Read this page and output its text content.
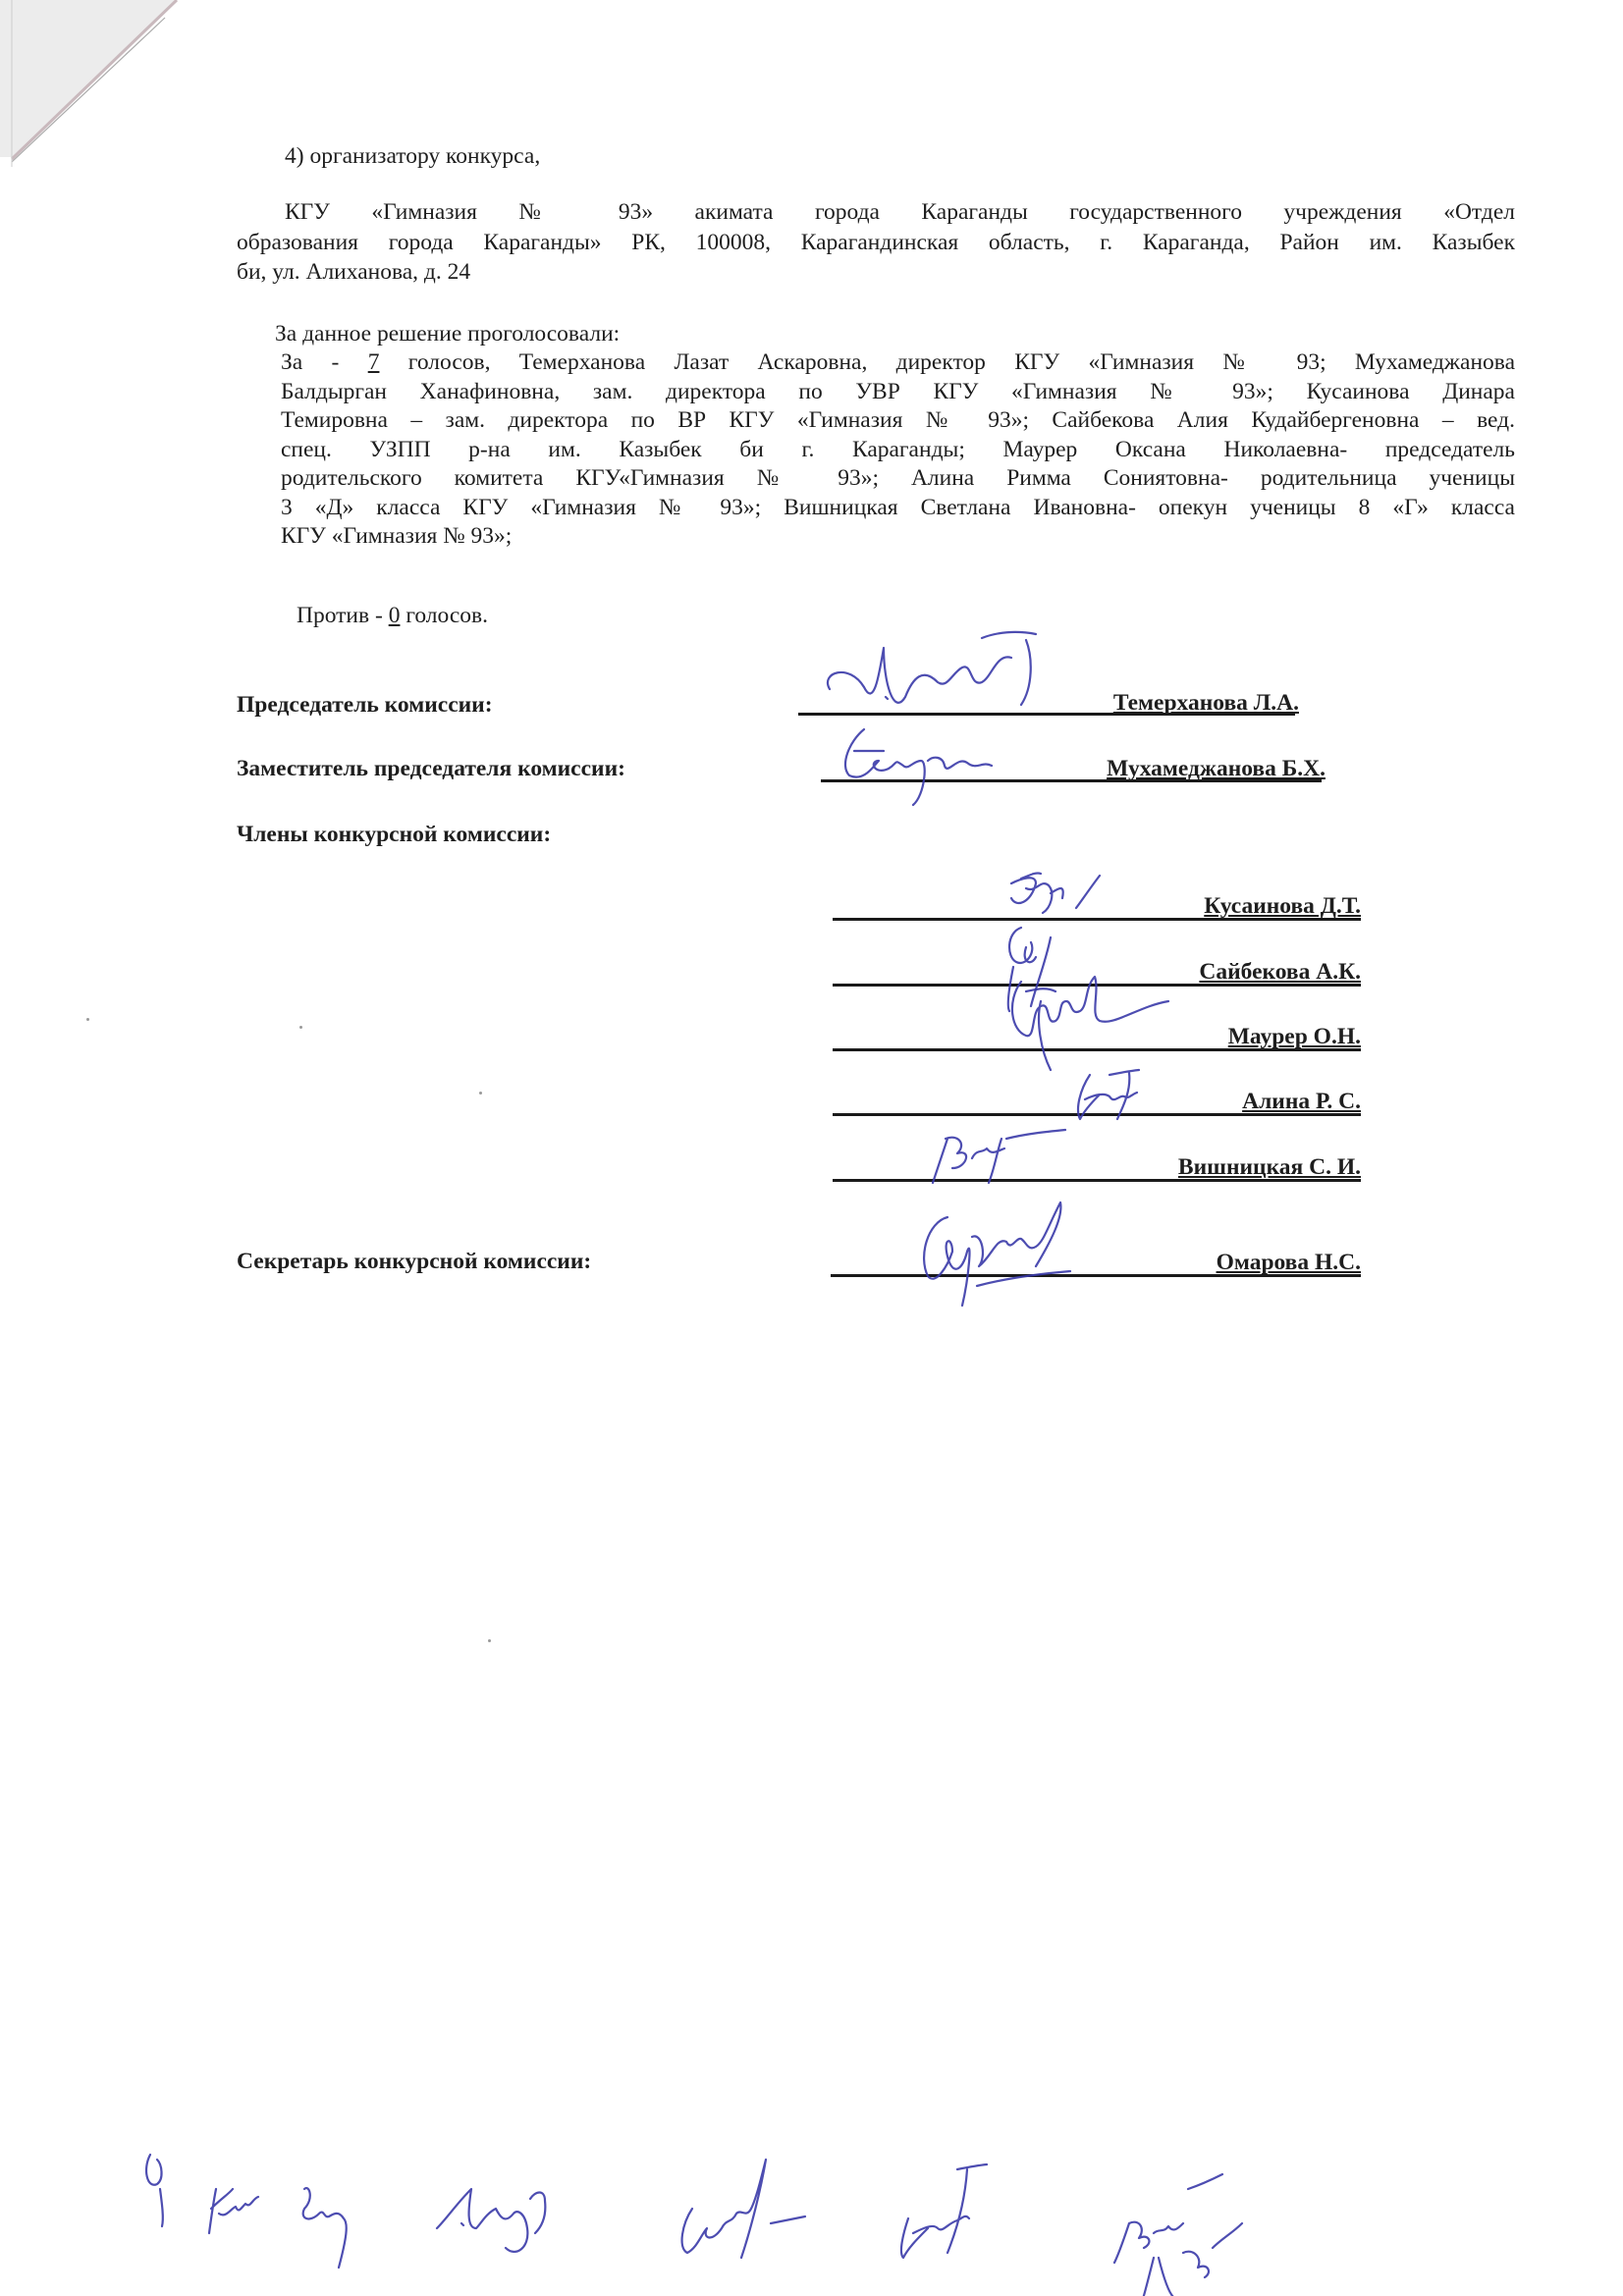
4) организатору конкурса,

КГУ «Гимназия № 93» акимата города Караганды государственного учреждения «Отдел
образования города Караганды» РК, 100008, Карагандинская область, г. Караганда, Район им. Казыбек
би, ул. Алиханова, д. 24

За данное решение проголосовали:

За - 7 голосов, Темерханова Лазат Аскаровна, директор КГУ «Гимназия № 93; Мухамеджанова
Балдырган Ханафиновна, зам. директора по УВР КГУ «Гимназия № 93»; Кусаинова Динара
Темировна – зам. директора по ВР КГУ «Гимназия № 93»; Сайбекова Алия Кудайбергеновна – вед.
спец. УЗПП р-на им. Казыбек би г. Караганды; Маурер Оксана Николаевна- председатель
родительского комитета КГУ«Гимназия № 93»; Алина Римма Сониятовна- родительница ученицы
3 «Д» класса КГУ «Гимназия № 93»; Вишницкая Светлана Ивановна- опекун ученицы 8 «Г» класса
КГУ «Гимназия № 93»;

Против - 0 голосов.

Председатель комиссии:	Темерханова Л.А.
Заместитель председателя комиссии:	Мухамеджанова Б.Х.
Члены конкурсной комиссии:
Кусаинова Д.Т.
Сайбекова А.К.
Маурер О.Н.
Алина Р. С.
Вишницкая С. И.
Секретарь конкурсной комиссии:	Омарова Н.С.
